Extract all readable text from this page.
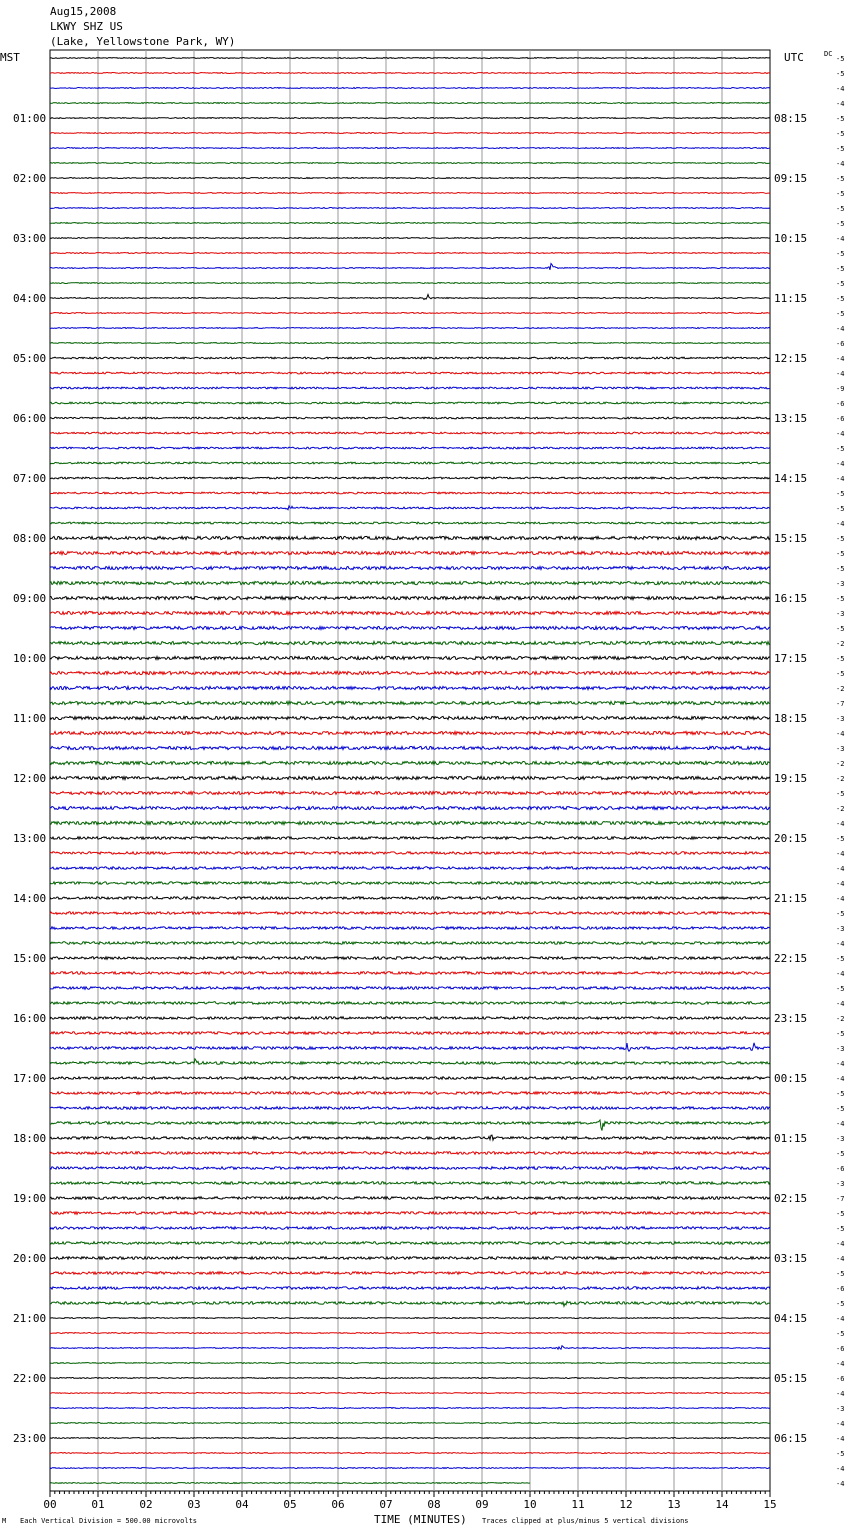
Aug15,2008
LKWY SHZ US
(Lake, Yellowstone Park, WY)
MST	UTC	DC
TIME (MINUTES)
M Each Vertical Division = 500.00 microvolts	Traces clipped at plus/minus 5 vertical divisions
00	01	02	03	04	05	06	07	08	09	10	11	12	13	14	15
-5
-5
-4
-4
-5
01:00	08:15
-5
-5
-4
-5
02:00	09:15
-5
-5
-5
-4
03:00	10:15
-5
-5
-5
-5
04:00	11:15
-5
-4
-6
-4
05:00	12:15
-4
-9
-6
-6
06:00	13:15
-4
-5
-4
-4
07:00	14:15
-5
-5
-4
-5
08:00	15:15
-5
-5
-3
-5
09:00	16:15
-3
-5
-2
-5
10:00	17:15
-5
-2
-7
-3
11:00	18:15
-4
-3
-2
-2
12:00	19:15
-5
-2
-4
-5
13:00	20:15
-4
-4
-4
-4
14:00	21:15
-5
-3
-4
-5
15:00	22:15
-4
-5
-4
-2
16:00	23:15
-5
-3
-4
-4
17:00	00:15
-5
-5
-4
-3
18:00	01:15
-5
-6
-3
-7
19:00	02:15
-5
-5
-4
-4
20:00	03:15
-5
-6
-5
-4
21:00	04:15
-5
-6
-4
-6
22:00	05:15
-4
-3
-4
-4
23:00	06:15
-5
-4
-4
